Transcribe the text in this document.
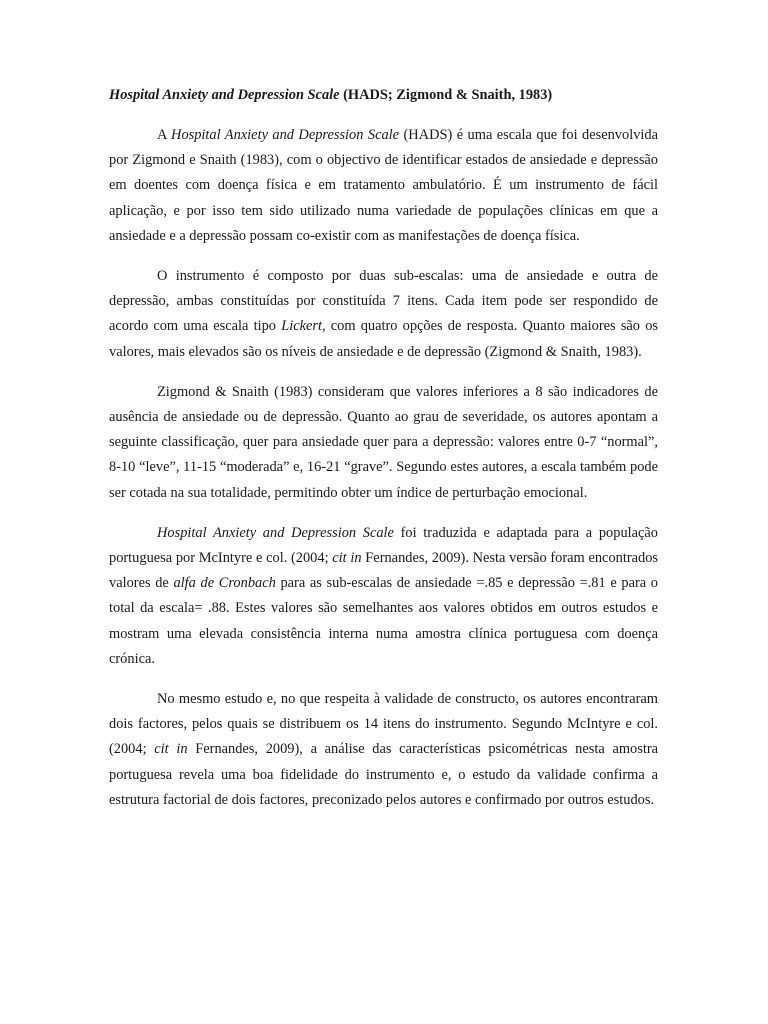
Hospital Anxiety and Depression Scale (HADS; Zigmond & Snaith, 1983)

A Hospital Anxiety and Depression Scale (HADS) é uma escala que foi desenvolvida por Zigmond e Snaith (1983), com o objectivo de identificar estados de ansiedade e depressão em doentes com doença física e em tratamento ambulatório. É um instrumento de fácil aplicação, e por isso tem sido utilizado numa variedade de populações clínicas em que a ansiedade e a depressão possam co-existir com as manifestações de doença física.

O instrumento é composto por duas sub-escalas: uma de ansiedade e outra de depressão, ambas constituídas por constituída 7 itens. Cada item pode ser respondido de acordo com uma escala tipo Lickert, com quatro opções de resposta. Quanto maiores são os valores, mais elevados são os níveis de ansiedade e de depressão (Zigmond & Snaith, 1983).

Zigmond & Snaith (1983) consideram que valores inferiores a 8 são indicadores de ausência de ansiedade ou de depressão. Quanto ao grau de severidade, os autores apontam a seguinte classificação, quer para ansiedade quer para a depressão: valores entre 0-7 “normal”, 8-10 “leve”, 11-15 “moderada” e, 16-21 “grave”. Segundo estes autores, a escala também pode ser cotada na sua totalidade, permitindo obter um índice de perturbação emocional.

Hospital Anxiety and Depression Scale foi traduzida e adaptada para a população portuguesa por McIntyre e col. (2004; cit in Fernandes, 2009). Nesta versão foram encontrados valores de alfa de Cronbach para as sub-escalas de ansiedade =.85 e depressão =.81 e para o total da escala= .88. Estes valores são semelhantes aos valores obtidos em outros estudos e mostram uma elevada consistência interna numa amostra clínica portuguesa com doença crónica.

No mesmo estudo e, no que respeita à validade de constructo, os autores encontraram dois factores, pelos quais se distribuem os 14 itens do instrumento. Segundo McIntyre e col. (2004; cit in Fernandes, 2009), a análise das características psicométricas nesta amostra portuguesa revela uma boa fidelidade do instrumento e, o estudo da validade confirma a estrutura factorial de dois factores, preconizado pelos autores e confirmado por outros estudos.
